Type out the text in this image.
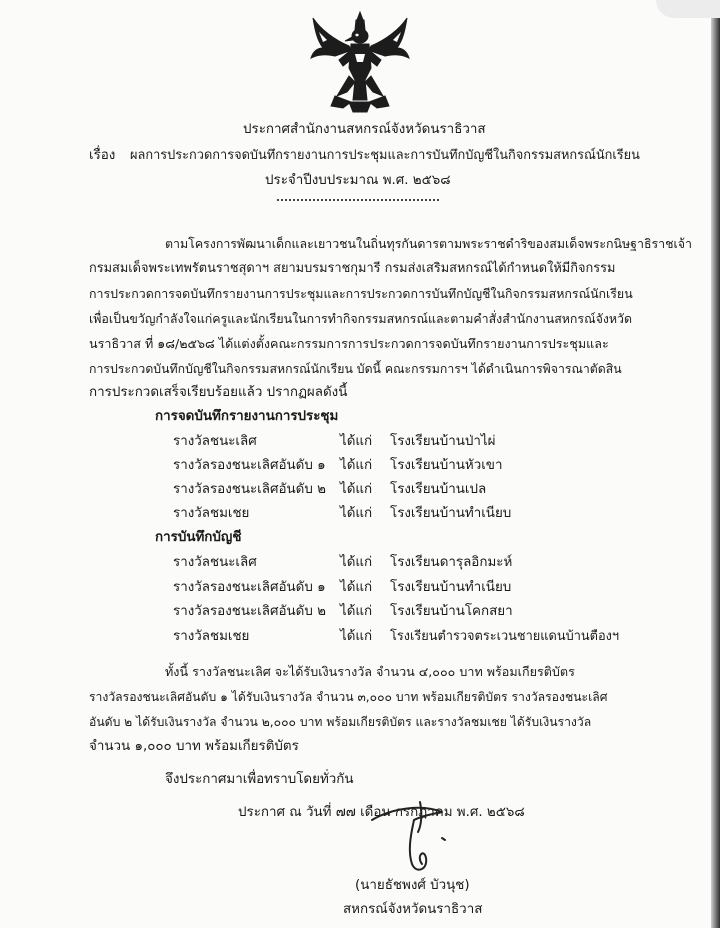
ประกาศสำนักงานสหกรณ์จังหวัดนราธิวาส
เรื่อง ผลการประกวดการจดบันทึกรายงานการประชุมและการบันทึกบัญชีในกิจกรรมสหกรณ์นักเรียน
ประจำปีงบประมาณ พ.ศ. ๒๕๖๘
ตามโครงการพัฒนาเด็กและเยาวชนในถิ่นทุรกันดารตามพระราชดำริของสมเด็จพระกนิษฐาธิราชเจ้า
กรมสมเด็จพระเทพรัตนราชสุดาฯ สยามบรมราชกุมารี กรมส่งเสริมสหกรณ์ได้กำหนดให้มีกิจกรรม
การประกวดการจดบันทึกรายงานการประชุมและการประกวดการบันทึกบัญชีในกิจกรรมสหกรณ์นักเรียน
เพื่อเป็นขวัญกำลังใจแก่ครูและนักเรียนในการทำกิจกรรมสหกรณ์และตามคำสั่งสำนักงานสหกรณ์จังหวัด
นราธิวาส ที่ ๑๘/๒๕๖๘ ได้แต่งตั้งคณะกรรมการการประกวดการจดบันทึกรายงานการประชุมและ
การประกวดบันทึกบัญชีในกิจกรรมสหกรณ์นักเรียน บัดนี้ คณะกรรมการฯ ได้ดำเนินการพิจารณาตัดสิน
การประกวดเสร็จเรียบร้อยแล้ว ปรากฏผลดังนี้
การจดบันทึกรายงานการประชุม
รางวัลชนะเลิศ	ได้แก่ โรงเรียนบ้านป่าไผ่
รางวัลรองชนะเลิศอันดับ ๑ ได้แก่ โรงเรียนบ้านหัวเขา
รางวัลรองชนะเลิศอันดับ ๒ ได้แก่ โรงเรียนบ้านเปล
รางวัลชมเชย	ได้แก่ โรงเรียนบ้านทำเนียบ
การบันทึกบัญชี
รางวัลชนะเลิศ	ได้แก่ โรงเรียนดารุลอิกมะห์
รางวัลรองชนะเลิศอันดับ ๑ ได้แก่ โรงเรียนบ้านทำเนียบ
รางวัลรองชนะเลิศอันดับ ๒ ได้แก่ โรงเรียนบ้านโคกสยา
รางวัลชมเชย	ได้แก่ โรงเรียนตำรวจตระเวนชายแดนบ้านตืองฯ
ทั้งนี้ รางวัลชนะเลิศ จะได้รับเงินรางวัล จำนวน ๔,๐๐๐ บาท พร้อมเกียรติบัตร
รางวัลรองชนะเลิศอันดับ ๑ ได้รับเงินรางวัล จำนวน ๓,๐๐๐ บาท พร้อมเกียรติบัตร รางวัลรองชนะเลิศ
อันดับ ๒ ได้รับเงินรางวัล จำนวน ๒,๐๐๐ บาท พร้อมเกียรติบัตร และรางวัลชมเชย ได้รับเงินรางวัล
จำนวน ๑,๐๐๐ บาท พร้อมเกียรติบัตร
จึงประกาศมาเพื่อทราบโดยทั่วกัน
ประกาศ ณ วันที่ ๗๗ เดือน กรกฎาคม พ.ศ. ๒๕๖๘
(นายธัชพงศ์ บัวนุช)
สหกรณ์จังหวัดนราธิวาส
